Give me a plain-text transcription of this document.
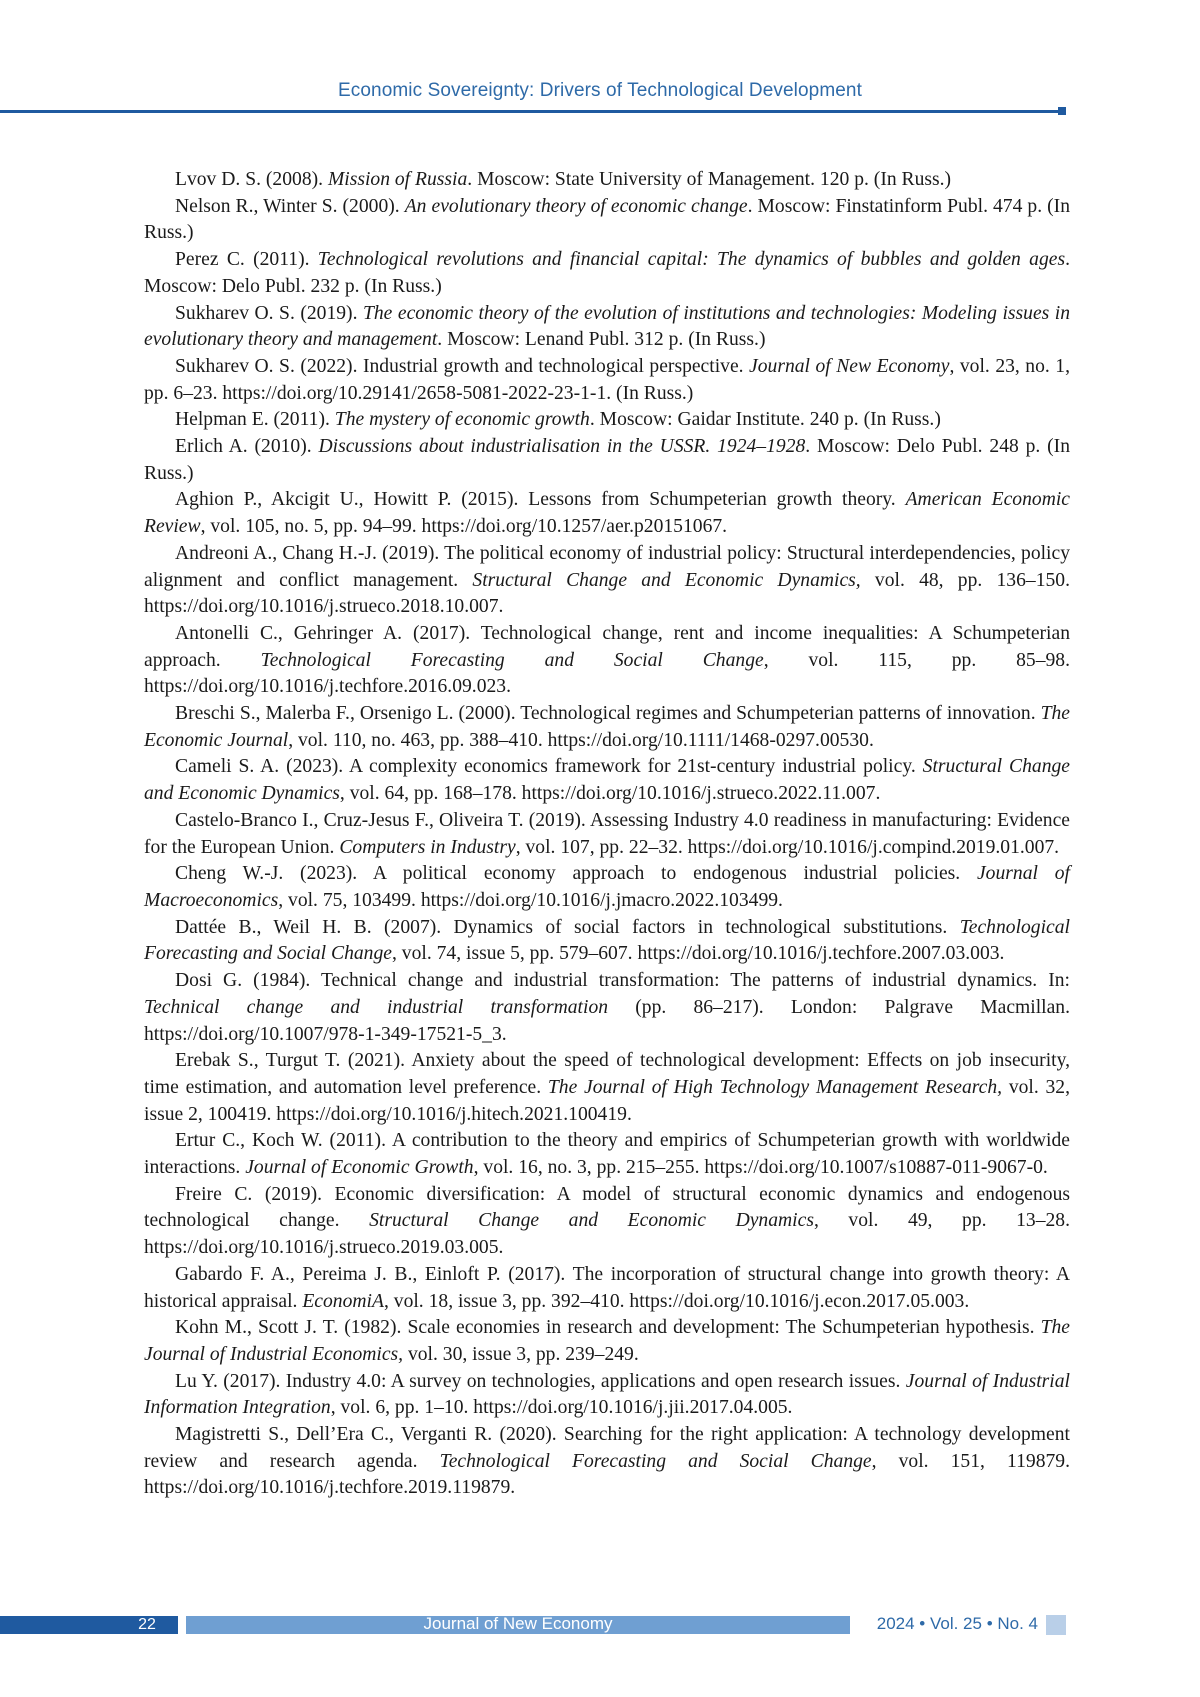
Economic Sovereignty: Drivers of Technological Development

Lvov D. S. (2008). Mission of Russia. Moscow: State University of Management. 120 p. (In Russ.)

Nelson R., Winter S. (2000). An evolutionary theory of economic change. Moscow: Finstatinform Publ. 474 p. (In Russ.)

Perez C. (2011). Technological revolutions and financial capital: The dynamics of bubbles and golden ages. Moscow: Delo Publ. 232 p. (In Russ.)

Sukharev O. S. (2019). The economic theory of the evolution of institutions and technologies: Modeling issues in evolutionary theory and management. Moscow: Lenand Publ. 312 p. (In Russ.)

Sukharev O. S. (2022). Industrial growth and technological perspective. Journal of New Economy, vol. 23, no. 1, pp. 6–23. https://doi.org/10.29141/2658-5081-2022-23-1-1. (In Russ.)

Helpman E. (2011). The mystery of economic growth. Moscow: Gaidar Institute. 240 p. (In Russ.)

Erlich A. (2010). Discussions about industrialisation in the USSR. 1924–1928. Moscow: Delo Publ. 248 p. (In Russ.)

Aghion P., Akcigit U., Howitt P. (2015). Lessons from Schumpeterian growth theory. American Economic Review, vol. 105, no. 5, pp. 94–99. https://doi.org/10.1257/aer.p20151067.

Andreoni A., Chang H.-J. (2019). The political economy of industrial policy: Structural interdependencies, policy alignment and conflict management. Structural Change and Economic Dynamics, vol. 48, pp. 136–150. https://doi.org/10.1016/j.strueco.2018.10.007.

Antonelli C., Gehringer A. (2017). Technological change, rent and income inequalities: A Schumpeterian approach. Technological Forecasting and Social Change, vol. 115, pp. 85–98. https://doi.org/10.1016/j.techfore.2016.09.023.

Breschi S., Malerba F., Orsenigo L. (2000). Technological regimes and Schumpeterian patterns of innovation. The Economic Journal, vol. 110, no. 463, pp. 388–410. https://doi.org/10.1111/1468-0297.00530.

Cameli S. A. (2023). A complexity economics framework for 21st-century industrial policy. Structural Change and Economic Dynamics, vol. 64, pp. 168–178. https://doi.org/10.1016/j.strueco.2022.11.007.

Castelo-Branco I., Cruz-Jesus F., Oliveira T. (2019). Assessing Industry 4.0 readiness in manufacturing: Evidence for the European Union. Computers in Industry, vol. 107, pp. 22–32. https://doi.org/10.1016/j.compind.2019.01.007.

Cheng W.-J. (2023). A political economy approach to endogenous industrial policies. Journal of Macroeconomics, vol. 75, 103499. https://doi.org/10.1016/j.jmacro.2022.103499.

Dattée B., Weil H. B. (2007). Dynamics of social factors in technological substitutions. Technological Forecasting and Social Change, vol. 74, issue 5, pp. 579–607. https://doi.org/10.1016/j.techfore.2007.03.003.

Dosi G. (1984). Technical change and industrial transformation: The patterns of industrial dynamics. In: Technical change and industrial transformation (pp. 86–217). London: Palgrave Macmillan. https://doi.org/10.1007/978-1-349-17521-5_3.

Erebak S., Turgut T. (2021). Anxiety about the speed of technological development: Effects on job insecurity, time estimation, and automation level preference. The Journal of High Technology Management Research, vol. 32, issue 2, 100419. https://doi.org/10.1016/j.hitech.2021.100419.

Ertur C., Koch W. (2011). A contribution to the theory and empirics of Schumpeterian growth with worldwide interactions. Journal of Economic Growth, vol. 16, no. 3, pp. 215–255. https://doi.org/10.1007/s10887-011-9067-0.

Freire C. (2019). Economic diversification: A model of structural economic dynamics and endogenous technological change. Structural Change and Economic Dynamics, vol. 49, pp. 13–28. https://doi.org/10.1016/j.strueco.2019.03.005.

Gabardo F. A., Pereima J. B., Einloft P. (2017). The incorporation of structural change into growth theory: A historical appraisal. EconomiA, vol. 18, issue 3, pp. 392–410. https://doi.org/10.1016/j.econ.2017.05.003.

Kohn M., Scott J. T. (1982). Scale economies in research and development: The Schumpeterian hypothesis. The Journal of Industrial Economics, vol. 30, issue 3, pp. 239–249.

Lu Y. (2017). Industry 4.0: A survey on technologies, applications and open research issues. Journal of Industrial Information Integration, vol. 6, pp. 1–10. https://doi.org/10.1016/j.jii.2017.04.005.

Magistretti S., Dell’Era C., Verganti R. (2020). Searching for the right application: A technology development review and research agenda. Technological Forecasting and Social Change, vol. 151, 119879. https://doi.org/10.1016/j.techfore.2019.119879.

22	Journal of New Economy	2024 • Vol. 25 • No. 4
